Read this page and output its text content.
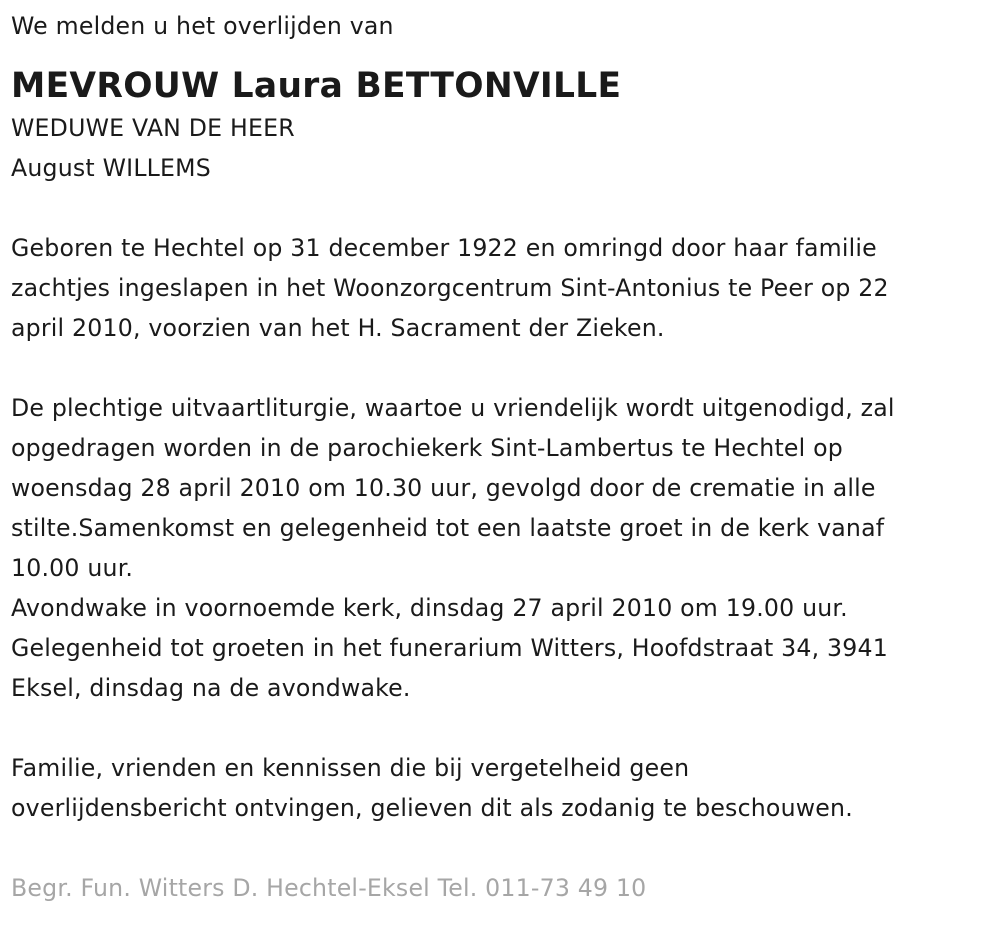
We melden u het overlijden van
MEVROUW Laura BETTONVILLE
WEDUWE VAN DE HEER
August WILLEMS
Geboren te Hechtel op 31 december 1922 en omringd door haar familie
zachtjes ingeslapen in het Woonzorgcentrum Sint-Antonius te Peer op 22
april 2010, voorzien van het H. Sacrament der Zieken.
De plechtige uitvaartliturgie, waartoe u vriendelijk wordt uitgenodigd, zal
opgedragen worden in de parochiekerk Sint-Lambertus te Hechtel op
woensdag 28 april 2010 om 10.30 uur, gevolgd door de crematie in alle
stilte.Samenkomst en gelegenheid tot een laatste groet in de kerk vanaf
10.00 uur.
Avondwake in voornoemde kerk, dinsdag 27 april 2010 om 19.00 uur.
Gelegenheid tot groeten in het funerarium Witters, Hoofdstraat 34, 3941
Eksel, dinsdag na de avondwake.
Familie, vrienden en kennissen die bij vergetelheid geen
overlijdensbericht ontvingen, gelieven dit als zodanig te beschouwen.
Begr. Fun. Witters D. Hechtel-Eksel Tel. 011-73 49 10
